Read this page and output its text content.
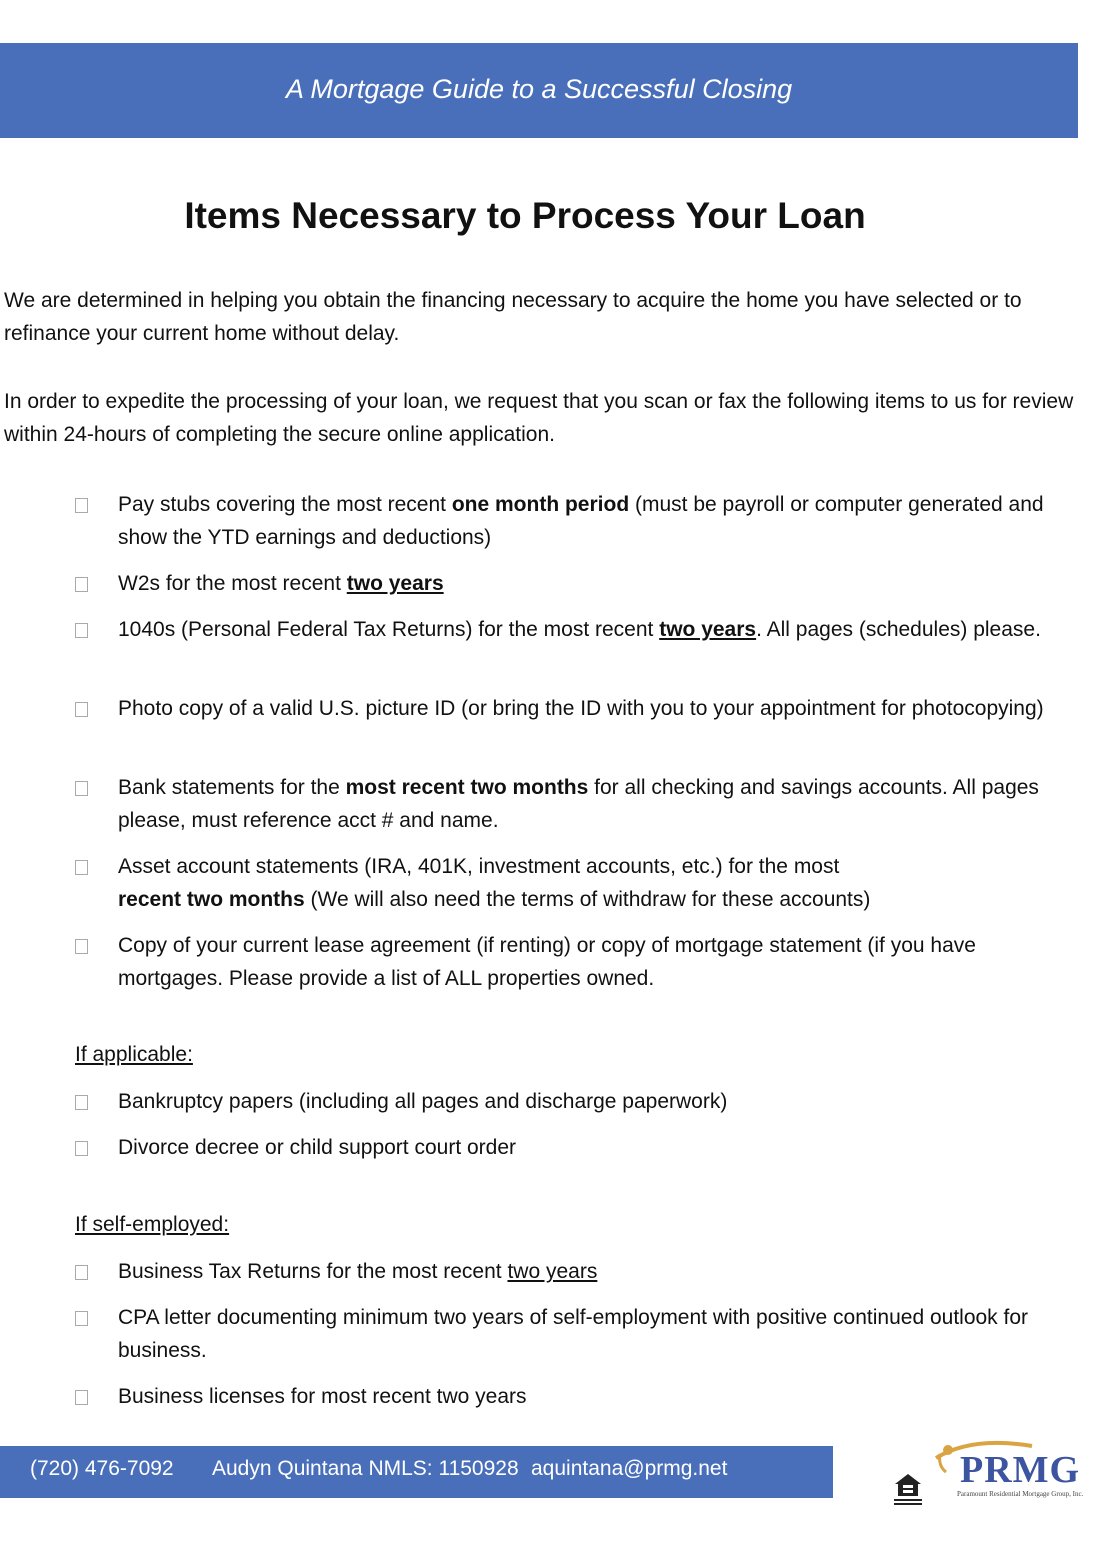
A Mortgage Guide to a Successful Closing
Items Necessary to Process Your Loan

We are determined in helping you obtain the financing necessary to acquire the home you have selected or to refinance your current home without delay.

In order to expedite the processing of your loan, we request that you scan or fax the following items to us for review within 24-hours of completing the secure online application.

Pay stubs covering the most recent one month period (must be payroll or computer generated and show the YTD earnings and deductions)
W2s for the most recent two years
1040s (Personal Federal Tax Returns) for the most recent two years. All pages (schedules) please.
Photo copy of a valid U.S. picture ID (or bring the ID with you to your appointment for photocopying)
Bank statements for the most recent two months for all checking and savings accounts. All pages please, must reference acct # and name.
Asset account statements (IRA, 401K, investment accounts, etc.) for the most
recent two months (We will also need the terms of withdraw for these accounts)
Copy of your current lease agreement (if renting) or copy of mortgage statement (if you have mortgages. Please provide a list of ALL properties owned.
If applicable:
Bankruptcy papers (including all pages and discharge paperwork)
Divorce decree or child support court order
If self-employed:
Business Tax Returns for the most recent two years
CPA letter documenting minimum two years of self-employment with positive continued outlook for business.
Business licenses for most recent two years
(720) 476-7092 Audyn Quintana NMLS: 1150928 aquintana@prmg.net	PRMG
Paramount Residential Mortgage Group, Inc.
